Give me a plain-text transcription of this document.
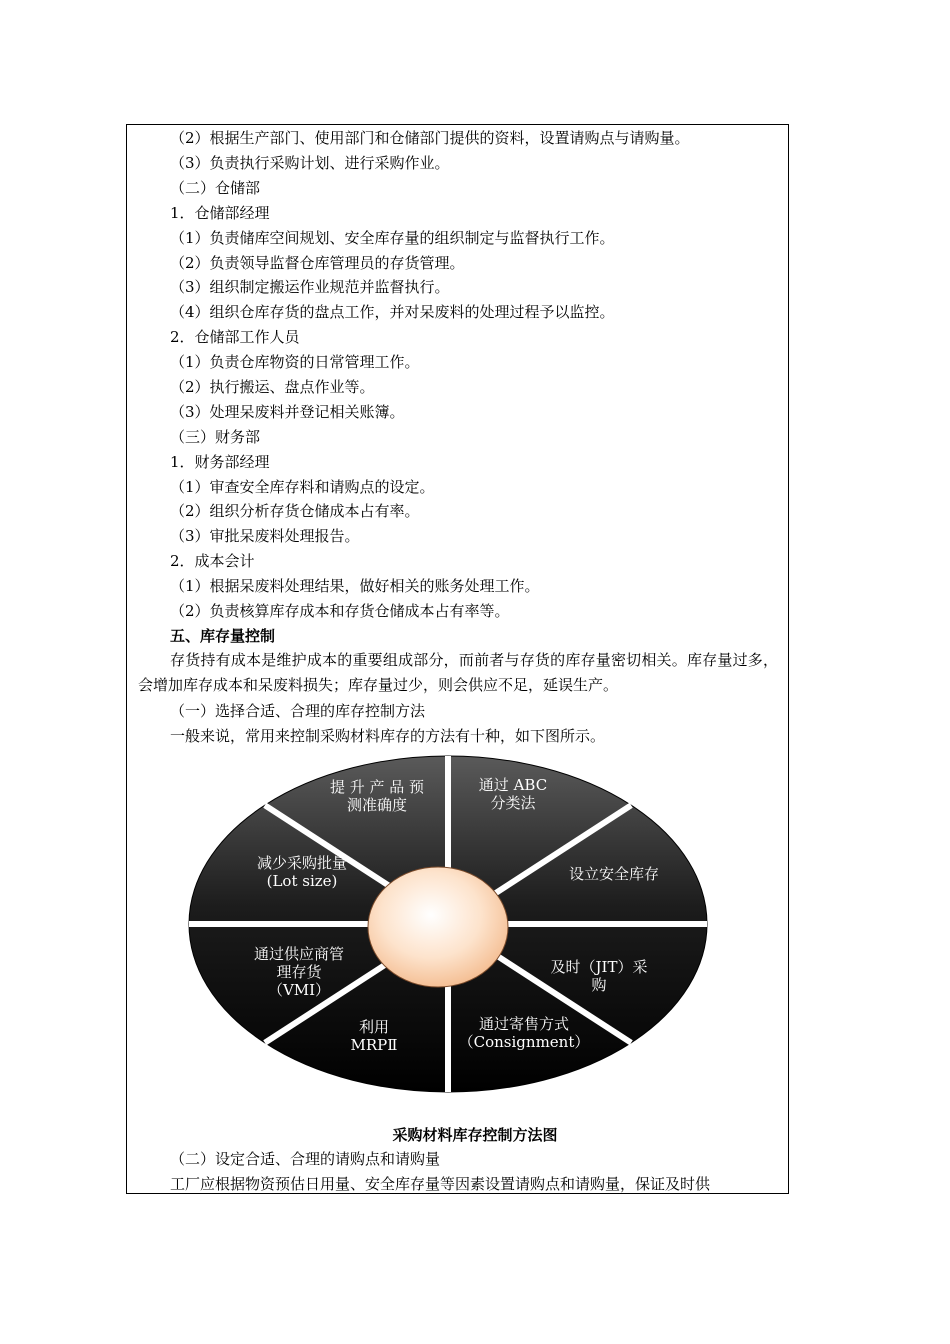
（2）根据生产部门、使用部门和仓储部门提供的资料，设置请购点与请购量。
（3）负责执行采购计划、进行采购作业。
（二）仓储部
1．仓储部经理
（1）负责储库空间规划、安全库存量的组织制定与监督执行工作。
（2）负责领导监督仓库管理员的存货管理。
（3）组织制定搬运作业规范并监督执行。
（4）组织仓库存货的盘点工作，并对呆废料的处理过程予以监控。
2．仓储部工作人员
（1）负责仓库物资的日常管理工作。
（2）执行搬运、盘点作业等。
（3）处理呆废料并登记相关账簿。
（三）财务部
1．财务部经理
（1）审查安全库存料和请购点的设定。
（2）组织分析存货仓储成本占有率。
（3）审批呆废料处理报告。
2．成本会计
（1）根据呆废料处理结果，做好相关的账务处理工作。
（2）负责核算库存成本和存货仓储成本占有率等。
五、库存量控制
存货持有成本是维护成本的重要组成部分，而前者与存货的库存量密切相关。库存量过多，会增加库存成本和呆废料损失；库存量过少，则会供应不足，延误生产。
（一）选择合适、合理的库存控制方法
一般来说，常用来控制采购材料库存的方法有十种，如下图所示。
通过 ABC
分类法
设立安全库存
及时（JIT）采
购
通过寄售方式
（Consignment）
利用
MRPⅡ
通过供应商管
理存货
（VMI）
减少采购批量
(Lot size)
提 升 产 品 预
测准确度
采购材料库存控制方法图
（二）设定合适、合理的请购点和请购量
工厂应根据物资预估日用量、安全库存量等因素设置请购点和请购量，保证及时供
